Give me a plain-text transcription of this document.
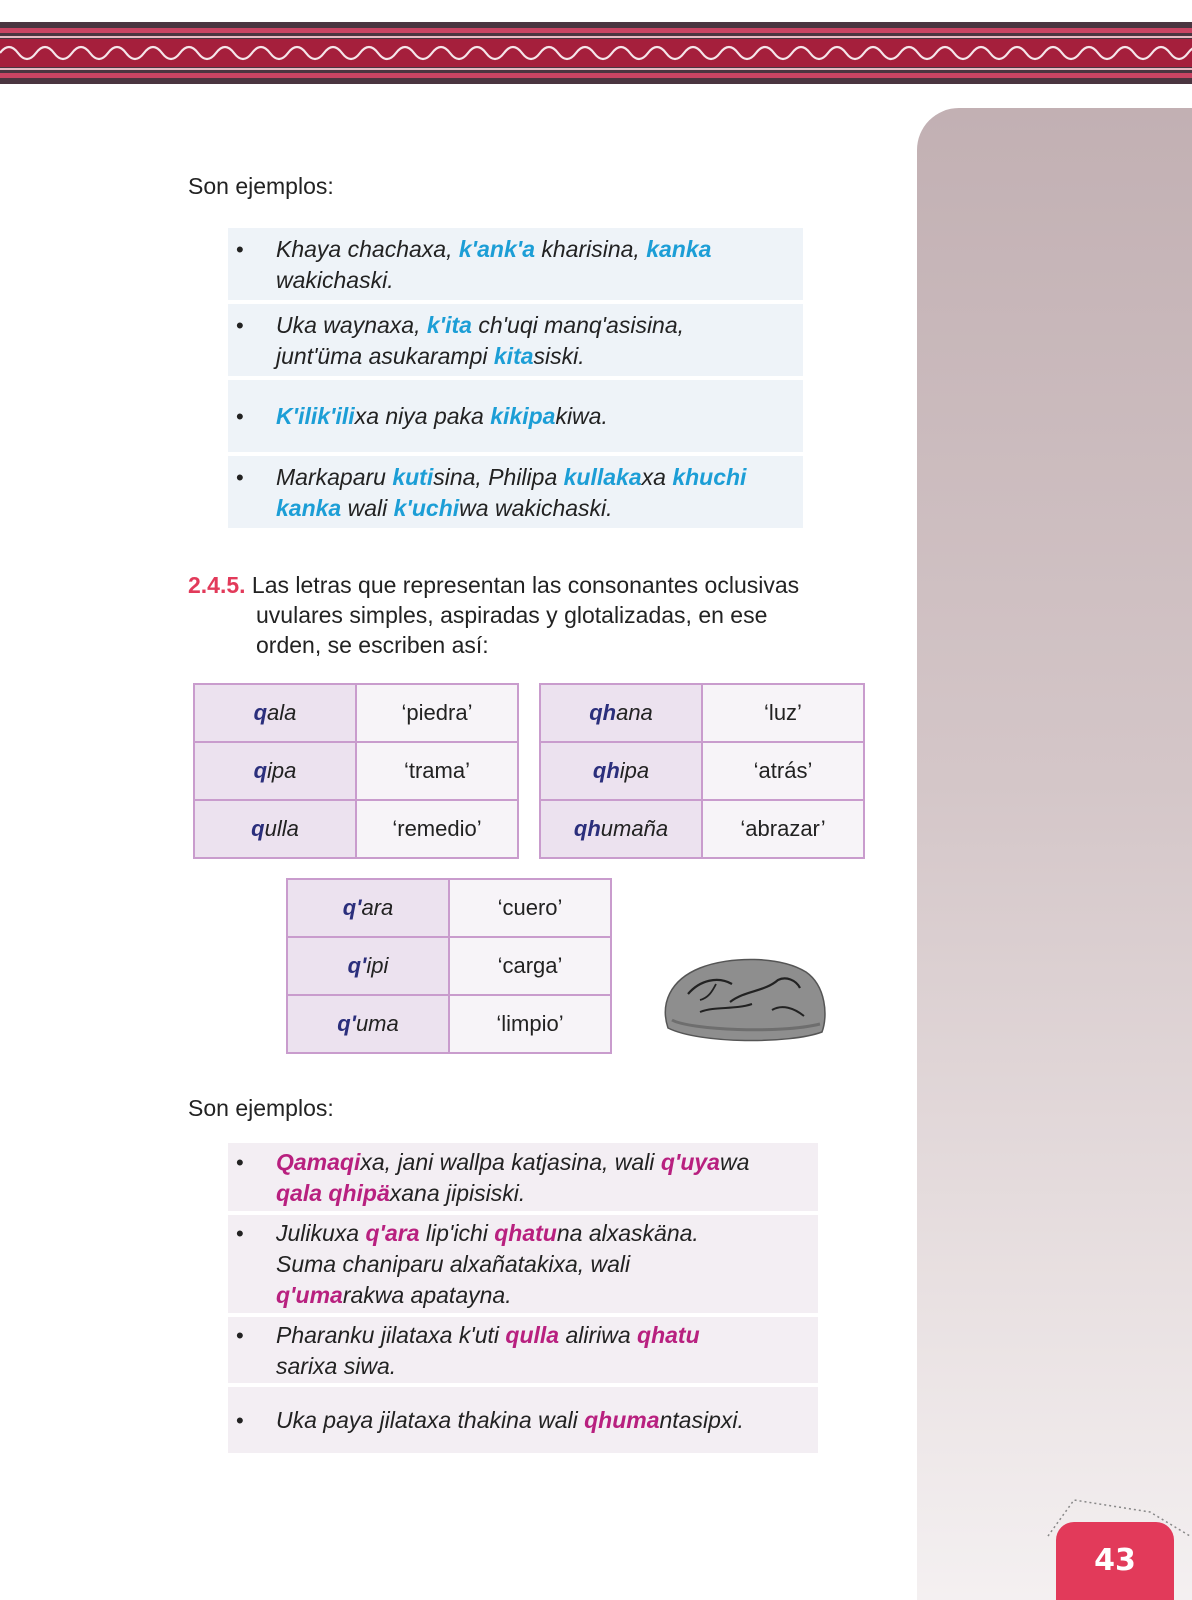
43
Son ejemplos:
• Khaya chachaxa, k'ank'a kharisina, kanka
wakichaski.
• Uka waynaxa, k'ita ch'uqi manq'asisina,
junt'üma asukarampi kitasiski.
• K'ilik'ilixa niya paka kikipakiwa.
• Markaparu kutisina, Philipa kullakaxa khuchi
kanka wali k'uchiwa wakichaski.
2.4.5. Las letras que representan las consonantes oclusivas
uvulares simples, aspiradas y glotalizadas, en ese
orden, se escriben así:
qala	‘piedra’
qipa	‘trama’
qulla	‘remedio’
qhana	‘luz’
qhipa	‘atrás’
qhumaña	‘abrazar’
q'ara	‘cuero’
q'ipi	‘carga’
q'uma	‘limpio’
Son ejemplos:
• Qamaqixa, jani wallpa katjasina, wali q'uyawa
qala qhipäxana jipisiski.
• Julikuxa q'ara lip'ichi qhatuna alxaskäna.
Suma chaniparu alxañatakixa, wali
q'umarakwa apatayna.
• Pharanku jilataxa k'uti qulla aliriwa qhatu
sarixa siwa.
• Uka paya jilataxa thakina wali qhumantasipxi.
